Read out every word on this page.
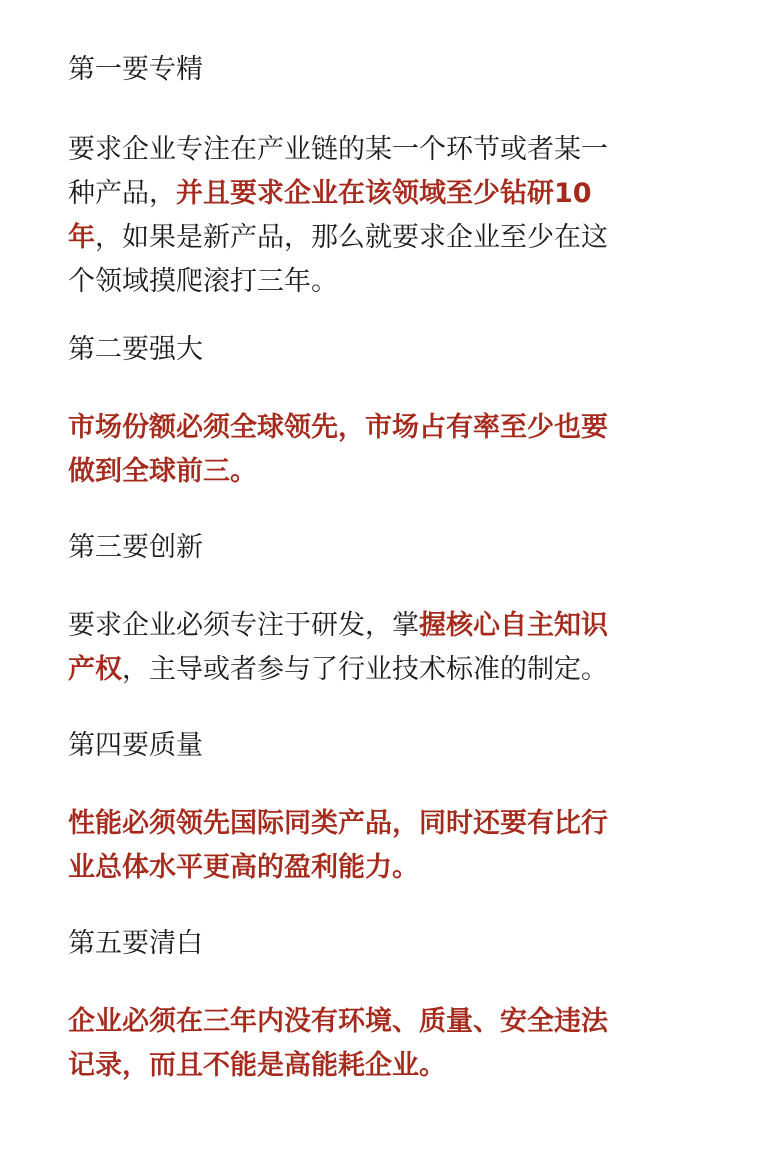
第一要专精
要求企业专注在产业链的某一个环节或者某一
种产品，并且要求企业在该领域至少钻研10
年，如果是新产品，那么就要求企业至少在这
个领域摸爬滚打三年。
第二要强大
市场份额必须全球领先，市场占有率至少也要
做到全球前三。
第三要创新
要求企业必须专注于研发，掌握核心自主知识
产权，主导或者参与了行业技术标准的制定。
第四要质量
性能必须领先国际同类产品，同时还要有比行
业总体水平更高的盈利能力。
第五要清白
企业必须在三年内没有环境、质量、安全违法
记录，而且不能是高能耗企业。
